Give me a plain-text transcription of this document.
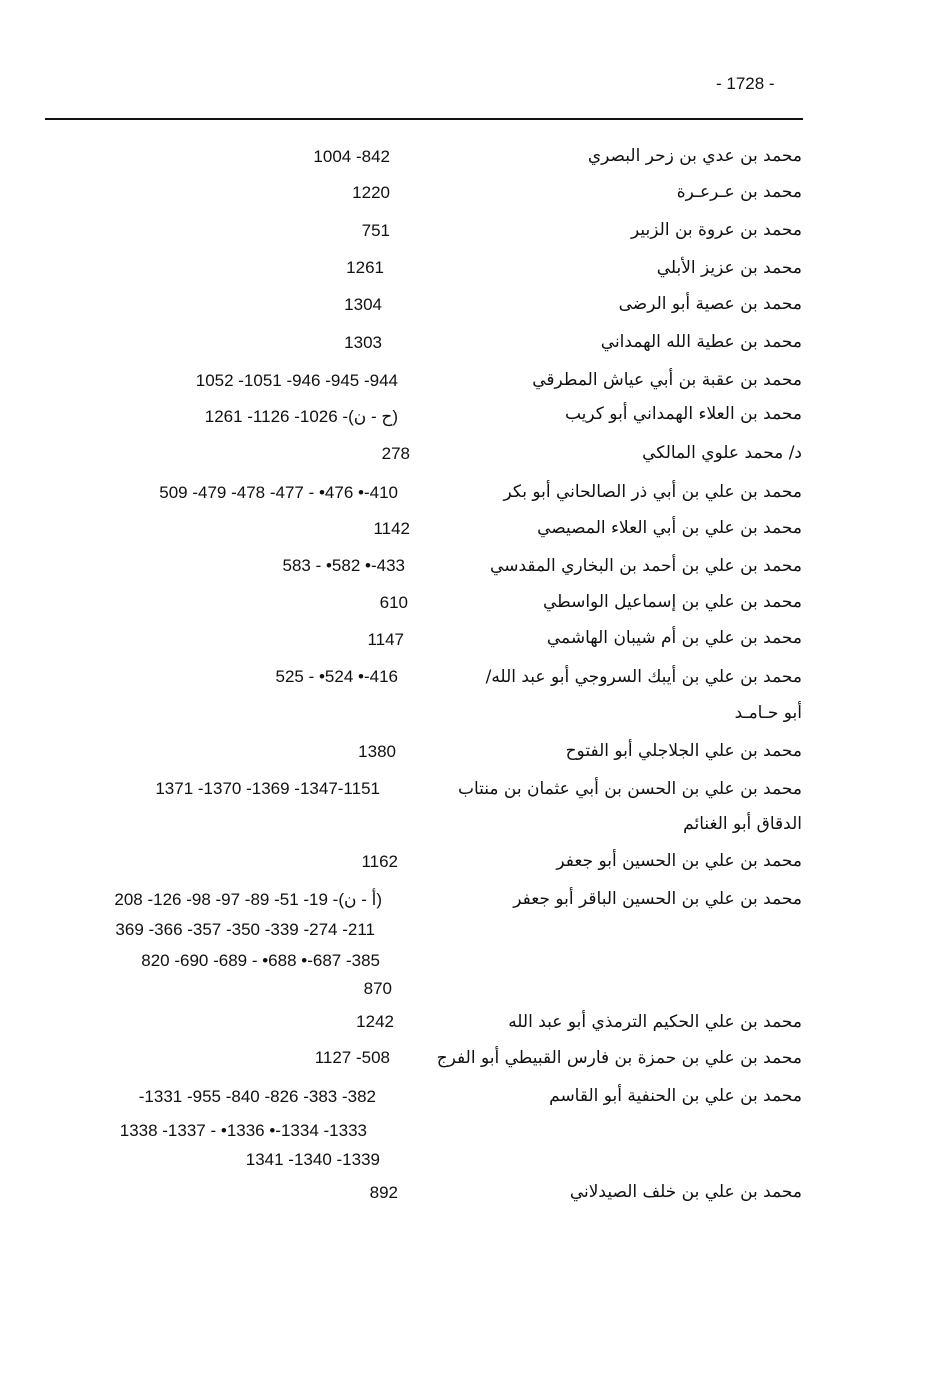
- 1728 -
محمد بن عدي بن زحر البصري
1004 -842
محمد بن عـرعـرة
1220
محمد بن عروة بن الزبير
751
محمد بن عزيز الأبلي
1261
محمد بن عصية أبو الرضى
1304
محمد بن عطية الله الهمداني
1303
محمد بن عقبة بن أبي عياش المطرقي
1052 -1051 -946 -945 -944
محمد بن العلاء الهمداني أبو كريب
1261 -1126 -1026 -(ح - ن)
د/ محمد علوي المالكي
278
محمد بن علي بن أبي ذر الصالحاني أبو بكر
509 -479 -478 -477 - •476 •-410
محمد بن علي بن أبي العلاء المصيصي
1142
محمد بن علي بن أحمد بن البخاري المقدسي
583 - •582 •-433
محمد بن علي بن إسماعيل الواسطي
610
محمد بن علي بن أم شيبان الهاشمي
1147
محمد بن علي بن أيبك السروجي أبو عبد الله/
أبو حـامـد
525 - •524 •-416
محمد بن علي الجلاجلي أبو الفتوح
1380
محمد بن علي بن الحسن بن أبي عثمان بن منتاب
الدقاق أبو الغنائم
1371 -1370 -1369 -1347-1151
محمد بن علي بن الحسين أبو جعفر
1162
محمد بن علي بن الحسين الباقر أبو جعفر
208 -126 -98 -97 -89 -51 -19 -(أ - ن)
369 -366 -357 -350 -339 -274 -211
820 -690 -689 - •688 •-687 -385
870
محمد بن علي الحكيم الترمذي أبو عبد الله
1242
محمد بن علي بن حمزة بن فارس القبيطي أبو الفرج
1127 -508
محمد بن علي بن الحنفية أبو القاسم
-1331 -955 -840 -826 -383 -382
1338 -1337 - •1336 •-1334 -1333
1341 -1340 -1339
محمد بن علي بن خلف الصيدلاني
892
